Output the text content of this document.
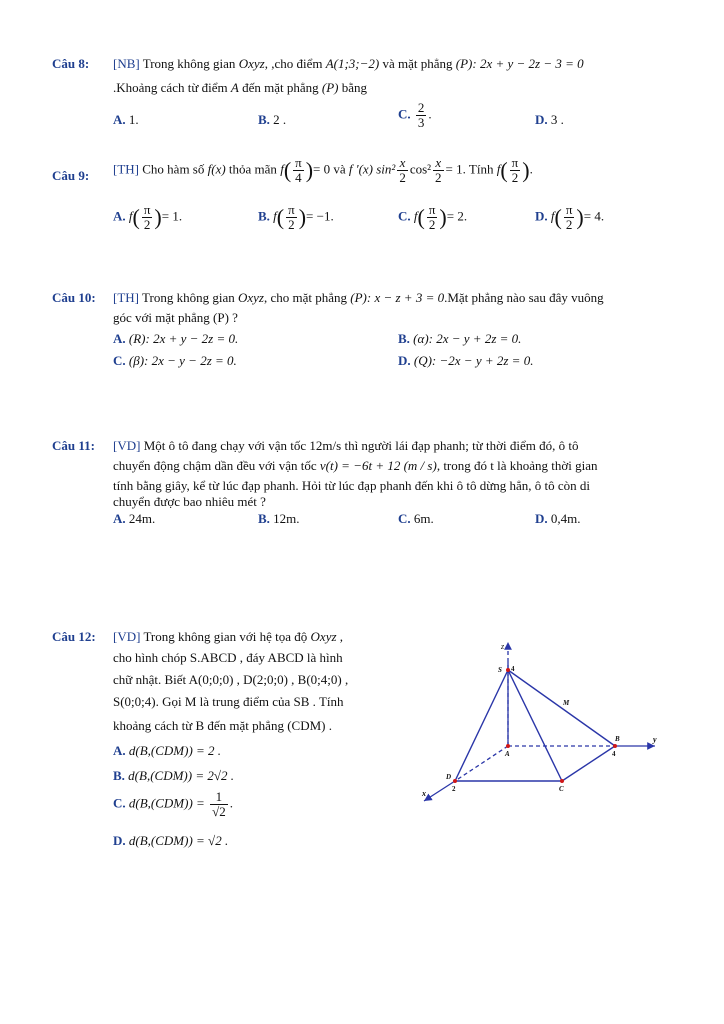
Câu 8: [NB] Trong không gian Oxyz, ,cho điểm A(1;3;−2) và mặt phẳng (P): 2x + y − 2z − 3 = 0
.Khoảng cách từ điểm A đến mặt phẳng (P) bằng
A. 1.	B. 2 .	C. $\frac{2}{3}$ .	D. 3 .
Câu 9: [TH] Cho hàm số f(x) thỏa mãn $f( \frac{\pi}{4}$ )= 0 và f '(x) $\sin^2 \frac{x}{2} \cos^2 \frac{x}{2} = 1$. Tính $f( \frac{\pi}{2}$ ).
A. $f( \frac{\pi}{2}$ )= 1.	B. $f( \frac{\pi}{2}$ )= −1.	C. $f( \frac{\pi}{2}$ )= 2.	D. $f( \frac{\pi}{2}$ )= 4.
Câu 10: [TH] Trong không gian Oxyz, cho mặt phẳng (P): x − z + 3 = 0.Mặt phẳng nào sau đây vuông
góc với mặt phẳng (P) ?
A. (R): 2x + y − 2z = 0.	B. (α): 2x − y + 2z = 0.
C. (β): 2x − y − 2z = 0.	D. (Q): −2x − y + 2z = 0.
Câu 11: [VD] Một ô tô đang chạy với vận tốc 12m/s thì người lái đạp phanh; từ thời điểm đó, ô tô
chuyển động chậm dần đều với vận tốc v(t) = −6t + 12 (m / s), trong đó t là khoảng thời gian
tính bằng giây, kể từ lúc đạp phanh. Hỏi từ lúc đạp phanh đến khi ô tô dừng hẳn, ô tô còn di
chuyển được bao nhiêu mét ?
A. 24m.	B. 12m.	C. 6m.	D. 0,4m.
Câu 12: [VD] Trong không gian với hệ tọa độ Oxyz ,
cho hình chóp S.ABCD , đáy ABCD là hình
chữ nhật. Biết A(0;0;0) , D(2;0;0) , B(0;4;0) ,
S(0;0;4). Gọi M là trung điểm của SB . Tính
khoảng cách từ B đến mặt phẳng (CDM) .
A. d(B,(CDM)) = 2 .
B. d(B,(CDM)) = 2√2 .
C. $d(B,(CDM)) = \frac{1}{√2}$ .
D. d(B,(CDM)) = √2 .
z
y
x
S 4
A
B
4
C
D
2
M
